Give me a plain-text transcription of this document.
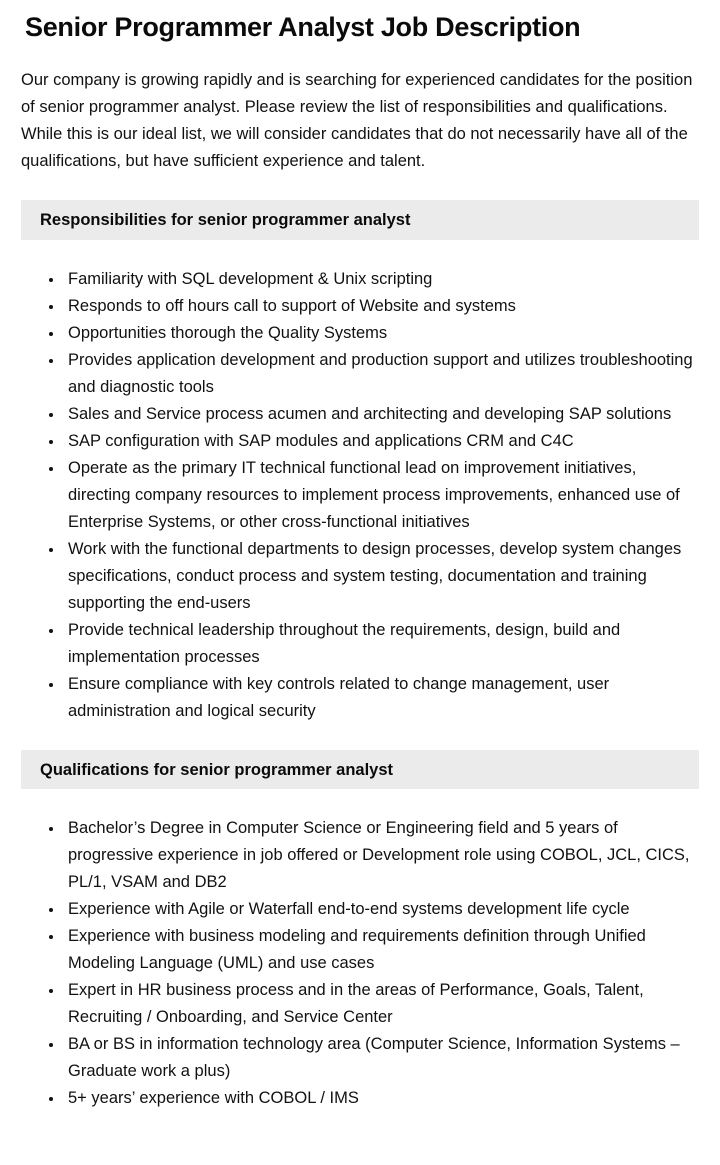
Senior Programmer Analyst Job Description

Our company is growing rapidly and is searching for experienced candidates for the position of senior programmer analyst. Please review the list of responsibilities and qualifications. While this is our ideal list, we will consider candidates that do not necessarily have all of the qualifications, but have sufficient experience and talent.

Responsibilities for senior programmer analyst
• Familiarity with SQL development & Unix scripting
• Responds to off hours call to support of Website and systems
• Opportunities thorough the Quality Systems
• Provides application development and production support and utilizes troubleshooting and diagnostic tools
• Sales and Service process acumen and architecting and developing SAP solutions
• SAP configuration with SAP modules and applications CRM and C4C
• Operate as the primary IT technical functional lead on improvement initiatives, directing company resources to implement process improvements, enhanced use of Enterprise Systems, or other cross-functional initiatives
• Work with the functional departments to design processes, develop system changes specifications, conduct process and system testing, documentation and training supporting the end-users
• Provide technical leadership throughout the requirements, design, build and implementation processes
• Ensure compliance with key controls related to change management, user administration and logical security
Qualifications for senior programmer analyst
• Bachelor’s Degree in Computer Science or Engineering field and 5 years of progressive experience in job offered or Development role using COBOL, JCL, CICS, PL/1, VSAM and DB2
• Experience with Agile or Waterfall end-to-end systems development life cycle
• Experience with business modeling and requirements definition through Unified Modeling Language (UML) and use cases
• Expert in HR business process and in the areas of Performance, Goals, Talent, Recruiting / Onboarding, and Service Center
• BA or BS in information technology area (Computer Science, Information Systems – Graduate work a plus)
• 5+ years’ experience with COBOL / IMS
